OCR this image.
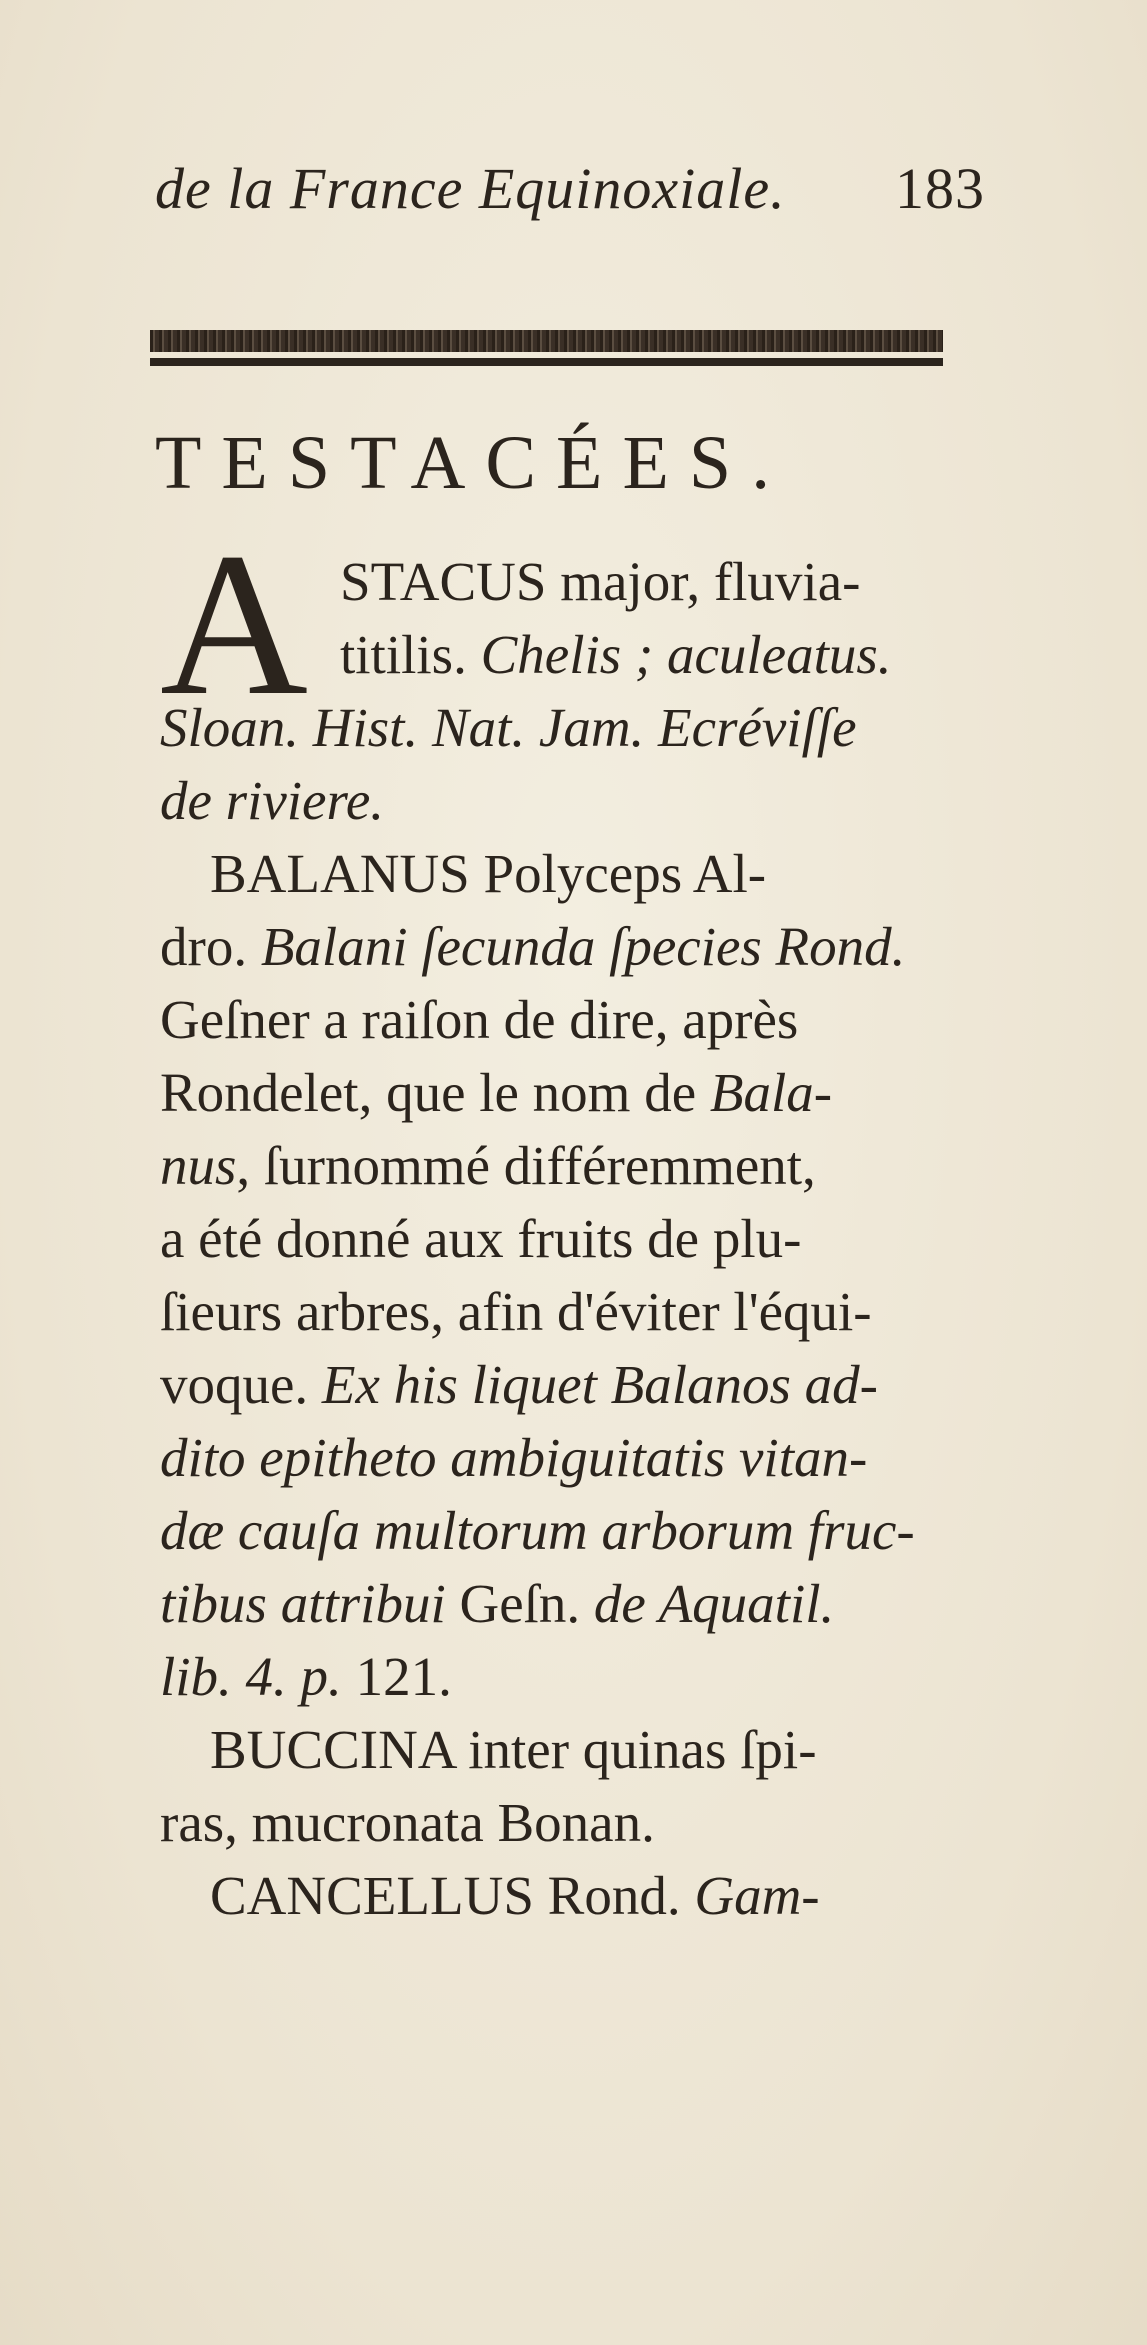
de la France Equinoxiale. 183
TESTACÉES.
A STACUS major, fluvia-
titilis. Chelis ; aculeatus.
Sloan. Hist. Nat. Jam. Ecréviſſe
de riviere.
BALANUS Polyceps Al-
dro. Balani ſecunda ſpecies Rond.
Geſner a raiſon de dire, après
Rondelet, que le nom de Bala-
nus, ſurnommé différemment,
a été donné aux fruits de plu-
ſieurs arbres, afin d'éviter l'équi-
voque. Ex his liquet Balanos ad-
dito epitheto ambiguitatis vitan-
dæ cauſa multorum arborum fruc-
tibus attribui Geſn. de Aquatil.
lib. 4. p. 121.
BUCCINA inter quinas ſpi-
ras, mucronata Bonan.
CANCELLUS Rond. Gam-
